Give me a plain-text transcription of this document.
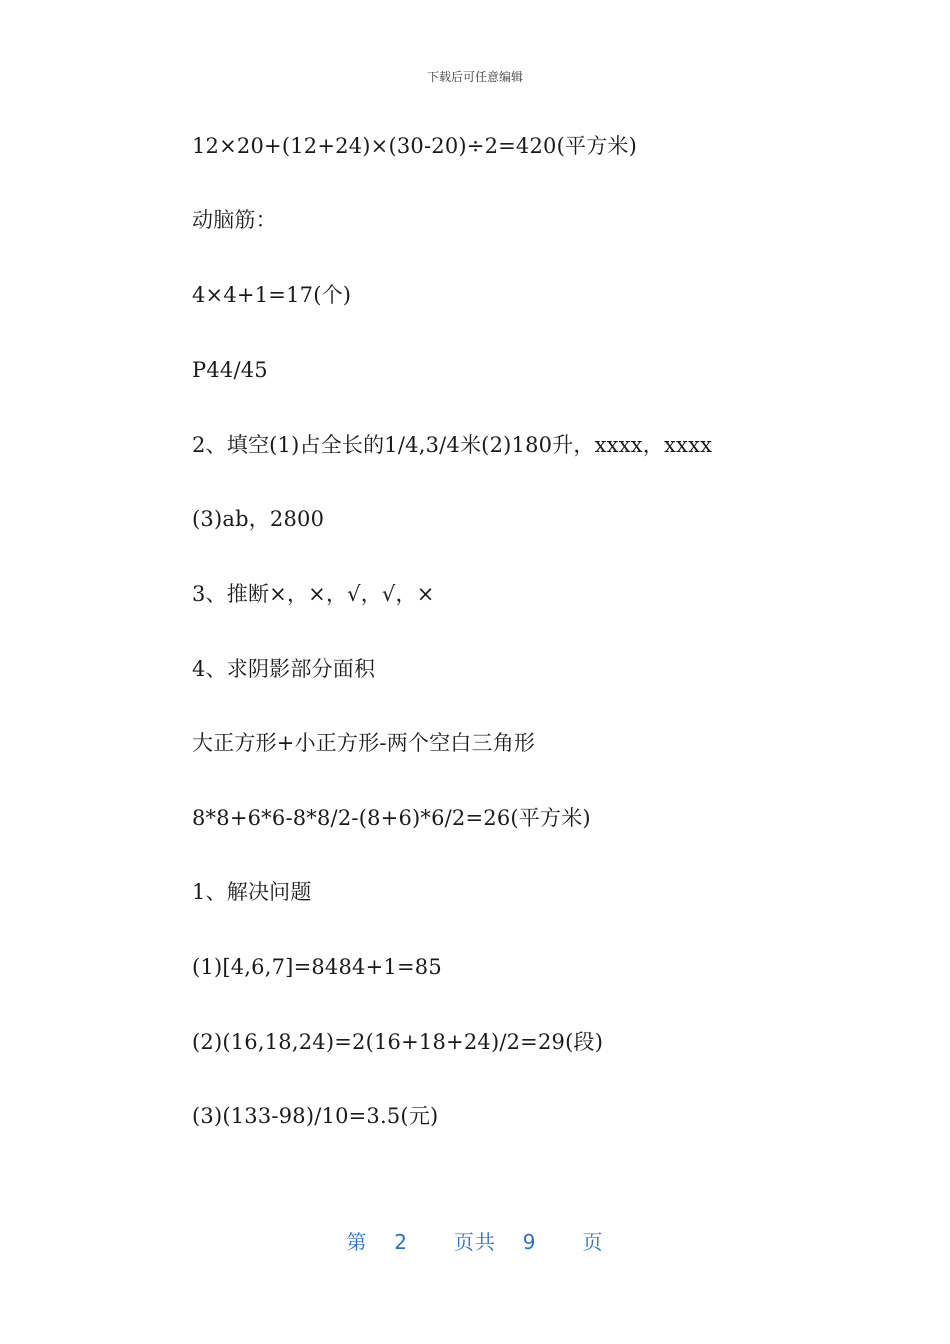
下载后可任意编辑
12×20+(12+24)×(30-20)÷2=420(平方米)
动脑筋：
4×4+1=17(个)
P44/45
2、填空(1)占全长的1/4,3/4米(2)180升，xxxx，xxxx
(3)ab，2800
3、推断×，×，√，√，×
4、求阴影部分面积
大正方形+小正方形-两个空白三角形
8*8+6*6-8*8/2-(8+6)*6/2=26(平方米)
1、解决问题
(1)[4,6,7]=8484+1=85
(2)(16,18,24)=2(16+18+24)/2=29(段)
(3)(133-98)/10=3.5(元)
第 2 页共 9 页
